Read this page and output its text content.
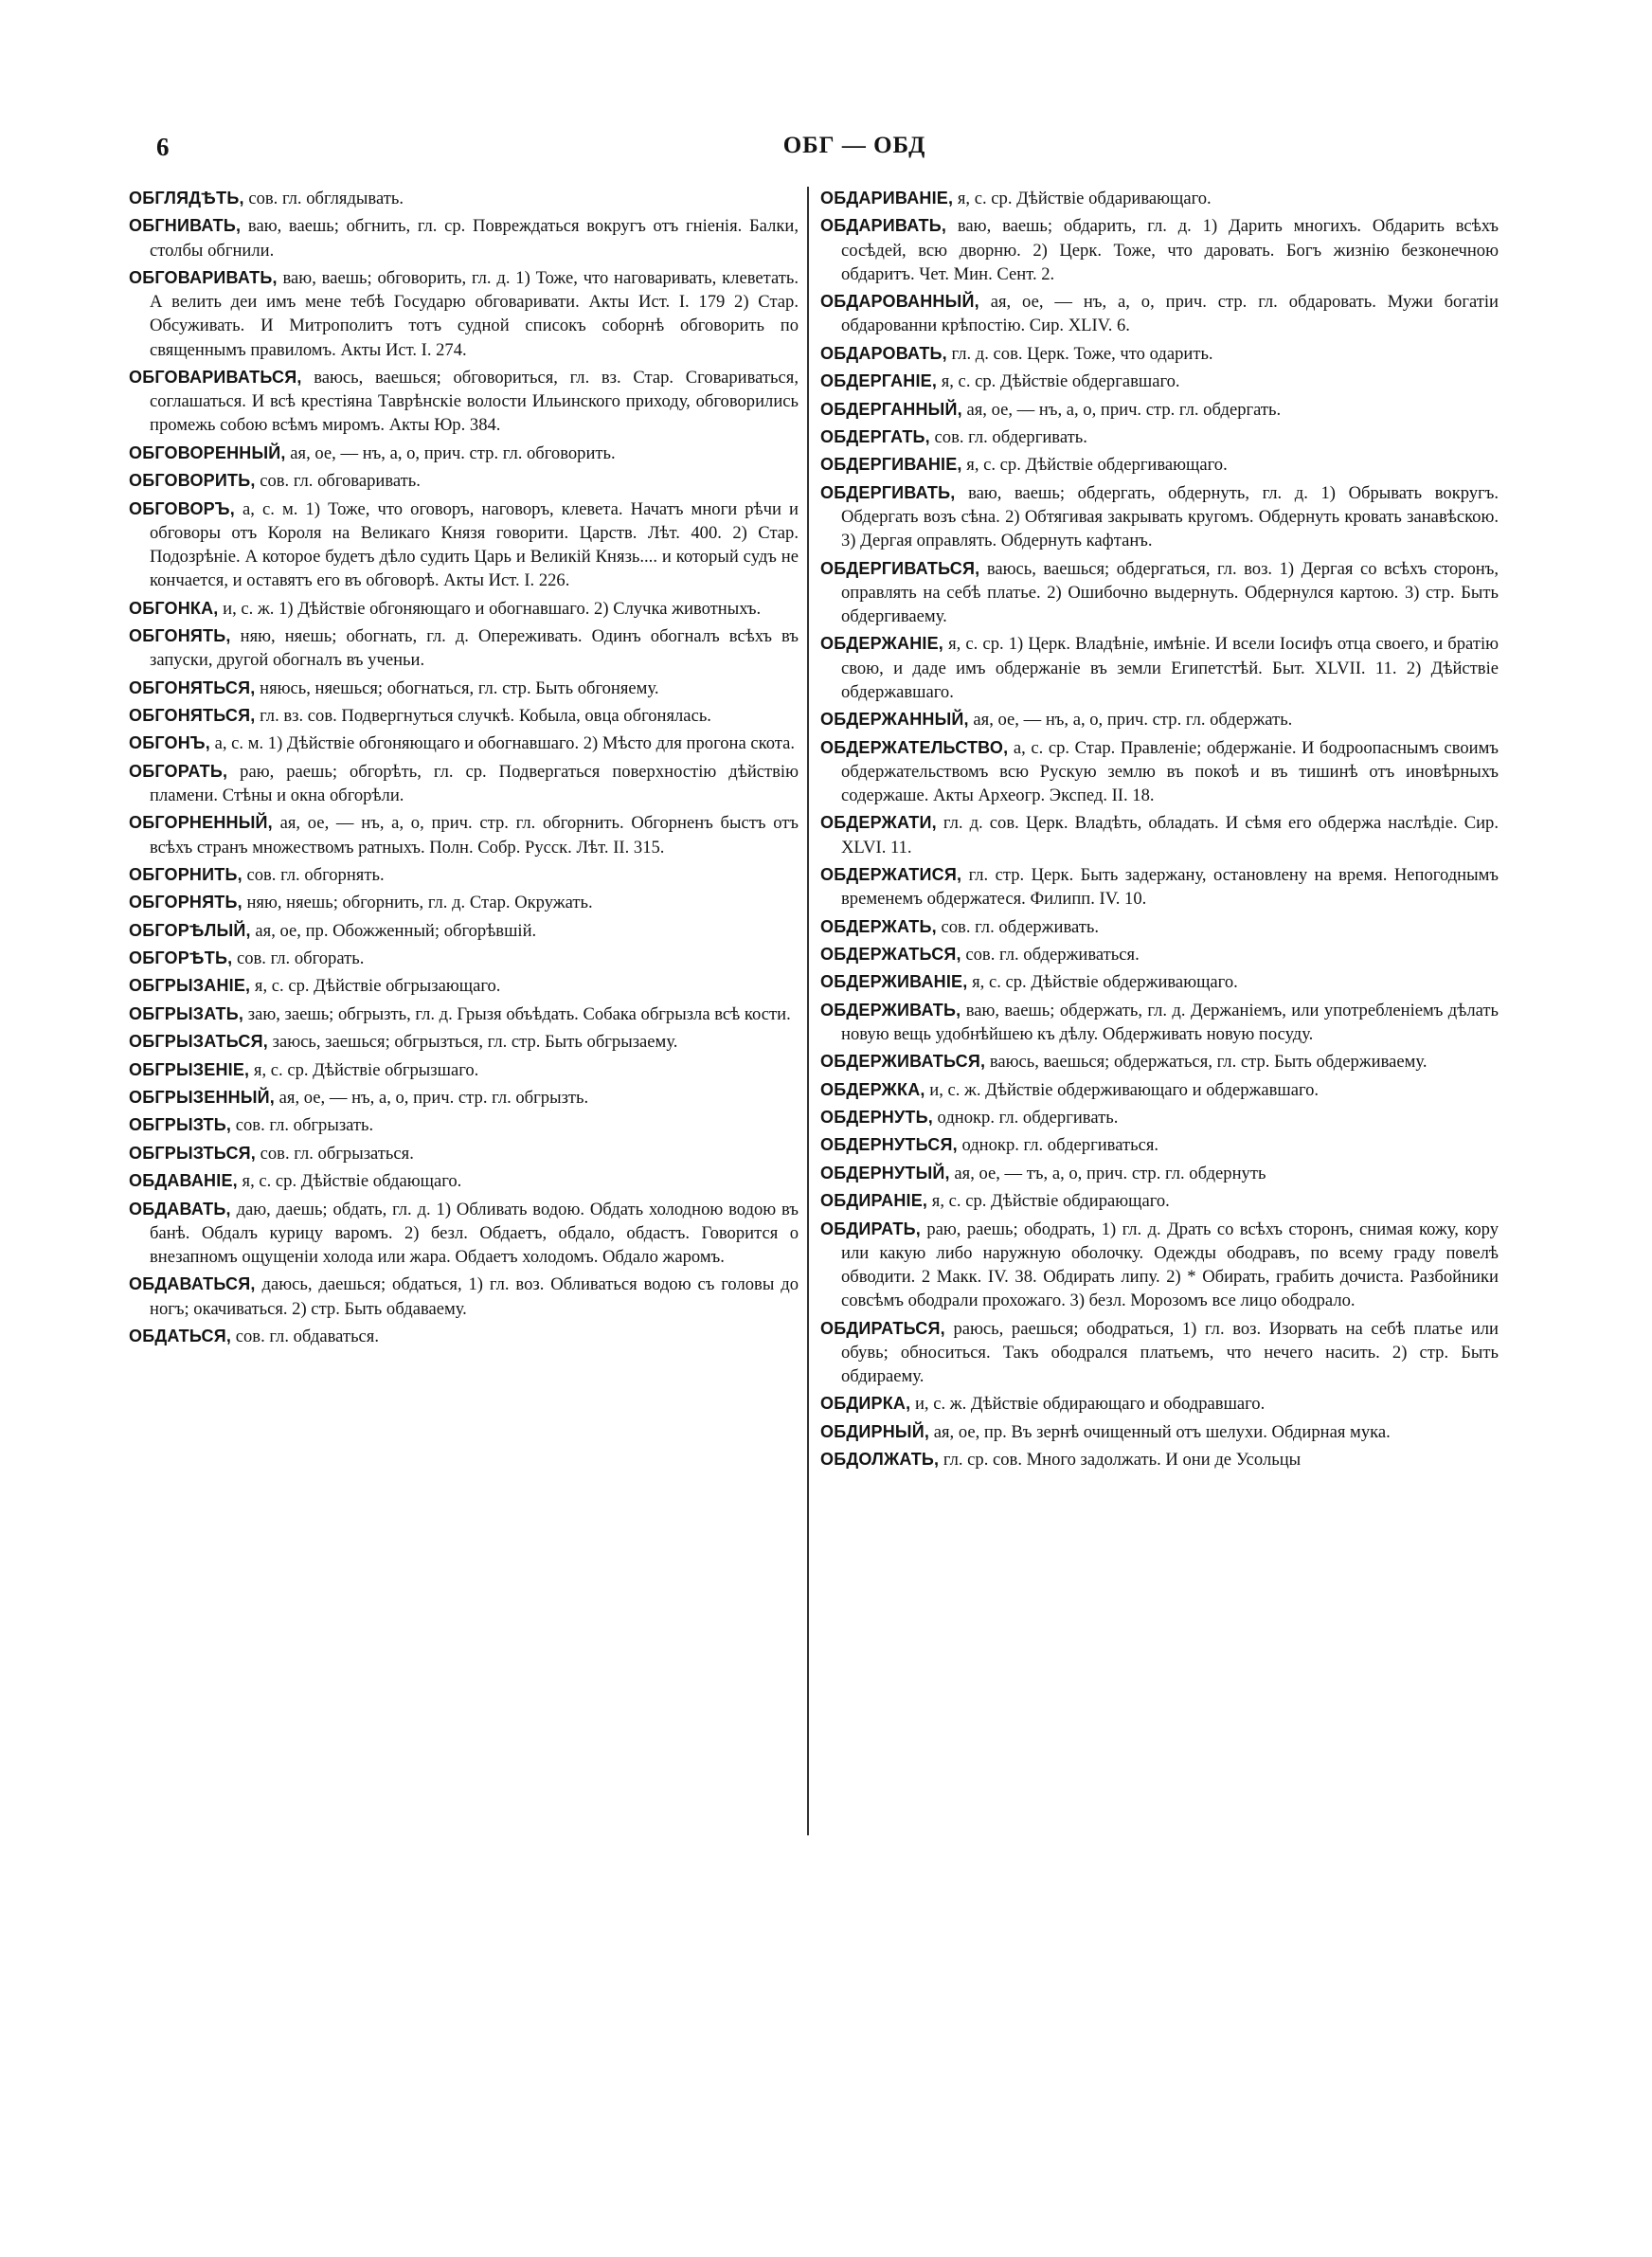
6	ОБГ — ОБД

ОБГЛЯДѢТЬ, сов. гл. обглядывать.

ОБГНИВАТЬ, ваю, ваешь; обгнить, гл. ср. Повреждаться вокругъ отъ гніенія. Балки, столбы обгнили.

ОБГОВАРИВАТЬ, ваю, ваешь; обговорить, гл. д. 1) Тоже, что наговаривать, клеветать. А велить деи имъ мене тебѣ Государю обговаривати. Акты Ист. I. 179 2) Стар. Обсуживать. И Митрополитъ тотъ судной списокъ соборнѣ обговорить по священнымъ правиломъ. Акты Ист. I. 274.

ОБГОВАРИВАТЬСЯ, ваюсь, ваешься; обговориться, гл. вз. Стар. Сговариваться, соглашаться. И всѣ крестіяна Таврѣнскіе волости Ильинского приходу, обговорились промежь собою всѣмъ миромъ. Акты Юр. 384.

ОБГОВОРЕННЫЙ, ая, ое, — нъ, а, о, прич. стр. гл. обговорить.

ОБГОВОРИТЬ, сов. гл. обговаривать.

ОБГОВОРЪ, а, с. м. 1) Тоже, что оговоръ, наговоръ, клевета. Начатъ многи рѣчи и обговоры отъ Короля на Великаго Князя говорити. Царств. Лѣт. 400. 2) Стар. Подозрѣніе. А которое будетъ дѣло судить Царь и Великій Князь.... и который судъ не кончается, и оставятъ его въ обговорѣ. Акты Ист. I. 226.

ОБГОНКА, и, с. ж. 1) Дѣйствіе обгоняющаго и обогнавшаго. 2) Случка животныхъ.

ОБГОНЯТЬ, няю, няешь; обогнать, гл. д. Опереживать. Одинъ обогналъ всѣхъ въ запуски, другой обогналъ въ ученьи.

ОБГОНЯТЬСЯ, няюсь, няешься; обогнаться, гл. стр. Быть обгоняему.

ОБГОНЯТЬСЯ, гл. вз. сов. Подвергнуться случкѣ. Кобыла, овца обгонялась.

ОБГОНЪ, а, с. м. 1) Дѣйствіе обгоняющаго и обогнавшаго. 2) Мѣсто для прогона скота.

ОБГОРАТЬ, раю, раешь; обгорѣть, гл. ср. Подвергаться поверхностію дѣйствію пламени. Стѣны и окна обгорѣли.

ОБГОРНЕННЫЙ, ая, ое, — нъ, а, о, прич. стр. гл. обгорнить. Обгорненъ быстъ отъ всѣхъ странъ множествомъ ратныхъ. Полн. Собр. Русск. Лѣт. II. 315.

ОБГОРНИТЬ, сов. гл. обгорнять.

ОБГОРНЯТЬ, няю, няешь; обгорнить, гл. д. Стар. Окружать.

ОБГОРѢЛЫЙ, ая, ое, пр. Обожженный; обгорѣвшій.

ОБГОРѢТЬ, сов. гл. обгорать.

ОБГРЫЗАНІЕ, я, с. ср. Дѣйствіе обгрызающаго.

ОБГРЫЗАТЬ, заю, заешь; обгрызть, гл. д. Грызя объѣдать. Собака обгрызла всѣ кости.

ОБГРЫЗАТЬСЯ, заюсь, заешься; обгрызться, гл. стр. Быть обгрызаему.

ОБГРЫЗЕНІЕ, я, с. ср. Дѣйствіе обгрызшаго.

ОБГРЫЗЕННЫЙ, ая, ое, — нъ, а, о, прич. стр. гл. обгрызть.

ОБГРЫЗТЬ, сов. гл. обгрызать.

ОБГРЫЗТЬСЯ, сов. гл. обгрызаться.

ОБДАВАНІЕ, я, с. ср. Дѣйствіе обдающаго.

ОБДАВАТЬ, даю, даешь; обдать, гл. д. 1) Обливать водою. Обдать холодною водою въ банѣ. Обдалъ курицу варомъ. 2) безл. Обдаетъ, обдало, обдастъ. Говорится о внезапномъ ощущеніи холода или жара. Обдаетъ холодомъ. Обдало жаромъ.

ОБДАВАТЬСЯ, даюсь, даешься; обдаться, 1) гл. воз. Обливаться водою съ головы до ногъ; окачиваться. 2) стр. Быть обдаваему.

ОБДАТЬСЯ, сов. гл. обдаваться.

ОБДАРИВАНІЕ, я, с. ср. Дѣйствіе обдаривающаго.

ОБДАРИВАТЬ, ваю, ваешь; обдарить, гл. д. 1) Дарить многихъ. Обдарить всѣхъ сосѣдей, всю дворню. 2) Церк. Тоже, что даровать. Богъ жизнію безконечною обдаритъ. Чет. Мин. Сент. 2.

ОБДАРОВАННЫЙ, ая, ое, — нъ, а, о, прич. стр. гл. обдаровать. Мужи богатіи обдарованни крѣпостію. Сир. XLIV. 6.

ОБДАРОВАТЬ, гл. д. сов. Церк. Тоже, что одарить.

ОБДЕРГАНІЕ, я, с. ср. Дѣйствіе обдергавшаго.

ОБДЕРГАННЫЙ, ая, ое, — нъ, а, о, прич. стр. гл. обдергать.

ОБДЕРГАТЬ, сов. гл. обдергивать.

ОБДЕРГИВАНІЕ, я, с. ср. Дѣйствіе обдергивающаго.

ОБДЕРГИВАТЬ, ваю, ваешь; обдергать, обдернуть, гл. д. 1) Обрывать вокругъ. Обдергать возъ сѣна. 2) Обтягивая закрывать кругомъ. Обдернуть кровать занавѣскою. 3) Дергая оправлять. Обдернуть кафтанъ.

ОБДЕРГИВАТЬСЯ, ваюсь, ваешься; обдергаться, гл. воз. 1) Дергая со всѣхъ сторонъ, оправлять на себѣ платье. 2) Ошибочно выдернуть. Обдернулся картою. 3) стр. Быть обдергиваему.

ОБДЕРЖАНІЕ, я, с. ср. 1) Церк. Владѣніе, имѣніе. И всели Іосифъ отца своего, и братію свою, и даде имъ обдержаніе въ земли Египетстѣй. Быт. XLVII. 11. 2) Дѣйствіе обдержавшаго.

ОБДЕРЖАННЫЙ, ая, ое, — нъ, а, о, прич. стр. гл. обдержать.

ОБДЕРЖАТЕЛЬСТВО, а, с. ср. Стар. Правленіе; обдержаніе. И бодроопаснымъ своимъ обдержательствомъ всю Рускую землю въ покоѣ и въ тишинѣ отъ иновѣрныхъ содержаше. Акты Археогр. Экспед. II. 18.

ОБДЕРЖАТИ, гл. д. сов. Церк. Владѣть, обладать. И сѣмя его обдержа наслѣдіе. Сир. XLVI. 11.

ОБДЕРЖАТИСЯ, гл. стр. Церк. Быть задержану, остановлену на время. Непогоднымъ временемъ обдержатеся. Филипп. IV. 10.

ОБДЕРЖАТЬ, сов. гл. обдерживать.

ОБДЕРЖАТЬСЯ, сов. гл. обдерживаться.

ОБДЕРЖИВАНІЕ, я, с. ср. Дѣйствіе обдерживающаго.

ОБДЕРЖИВАТЬ, ваю, ваешь; обдержать, гл. д. Держаніемъ, или употребленіемъ дѣлать новую вещь удобнѣйшею къ дѣлу. Обдерживать новую посуду.

ОБДЕРЖИВАТЬСЯ, ваюсь, ваешься; обдержаться, гл. стр. Быть обдерживаему.

ОБДЕРЖКА, и, с. ж. Дѣйствіе обдерживающаго и обдержавшаго.

ОБДЕРНУТЬ, однокр. гл. обдергивать.

ОБДЕРНУТЬСЯ, однокр. гл. обдергиваться.

ОБДЕРНУТЫЙ, ая, ое, — тъ, а, о, прич. стр. гл. обдернуть

ОБДИРАНІЕ, я, с. ср. Дѣйствіе обдирающаго.

ОБДИРАТЬ, раю, раешь; ободрать, 1) гл. д. Драть со всѣхъ сторонъ, снимая кожу, кору или какую либо наружную оболочку. Одежды ободравъ, по всему граду повелѣ обводити. 2 Макк. IV. 38. Обдирать липу. 2) * Обирать, грабить дочиста. Разбойники совсѣмъ ободрали прохожаго. 3) безл. Морозомъ все лицо ободрало.

ОБДИРАТЬСЯ, раюсь, раешься; ободраться, 1) гл. воз. Изорвать на себѣ платье или обувь; обноситься. Такъ ободрался платьемъ, что нечего насить. 2) стр. Быть обдираему.

ОБДИРКА, и, с. ж. Дѣйствіе обдирающаго и ободравшаго.

ОБДИРНЫЙ, ая, ое, пр. Въ зернѣ очищенный отъ шелухи. Обдирная мука.

ОБДОЛЖАТЬ, гл. ср. сов. Много задолжать. И они де Усольцы
